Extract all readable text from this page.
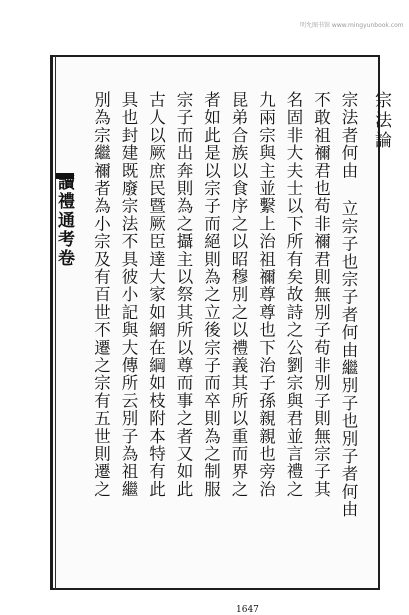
明允图书馆 www.mingyunbook.com
讀禮通考卷
宗法論
宗法者何由 立宗子也宗子者何由繼別子也別子者何由
不敢祖禰君也苟非禰君則無別子苟非別子則無宗子其
名固非大夫士以下所有矣故詩之公劉宗與君並言禮之
九兩宗與主並繫上治祖禰尊尊也下治子孫親親也旁治
昆弟合族以食序之以昭穆別之以禮義其所以重而界之
者如此是以宗子而絕則為之立後宗子而卒則為之制服
宗子而出奔則為之攝主以祭其所以尊而事之者又如此
古人以厥庶民暨厥臣達大家如網在綱如枝附本特有此
具也封建既廢宗法不具彼小記與大傳所云別子為祖繼
別為宗繼禰者為小宗及有百世不遷之宗有五世則遷之
1647
